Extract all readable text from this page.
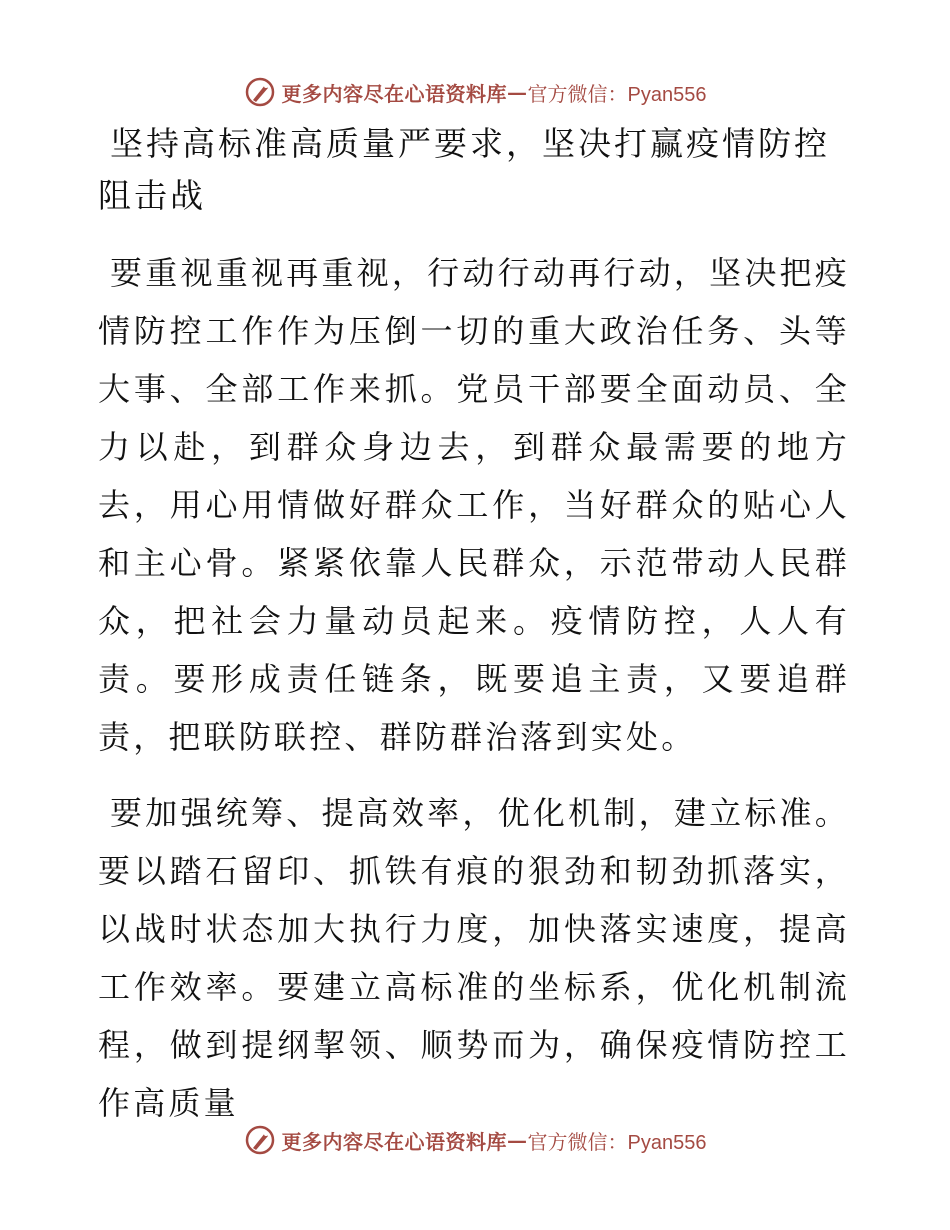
更多内容尽在心语资料库 — 官方微信：Pyan556
坚持高标准高质量严要求，坚决打赢疫情防控阻击战

要重视重视再重视，行动行动再行动，坚决把疫情防控工作作为压倒一切的重大政治任务、头等大事、全部工作来抓。党员干部要全面动员、全力以赴，到群众身边去，到群众最需要的地方去，用心用情做好群众工作，当好群众的贴心人和主心骨。紧紧依靠人民群众，示范带动人民群众，把社会力量动员起来。疫情防控，人人有责。要形成责任链条，既要追主责，又要追群责，把联防联控、群防群治落到实处。

要加强统筹、提高效率，优化机制，建立标准。要以踏石留印、抓铁有痕的狠劲和韧劲抓落实，以战时状态加大执行力度，加快落实速度，提高工作效率。要建立高标准的坐标系，优化机制流程，做到提纲挈领、顺势而为，确保疫情防控工作高质量

更多内容尽在心语资料库 — 官方微信：Pyan556
